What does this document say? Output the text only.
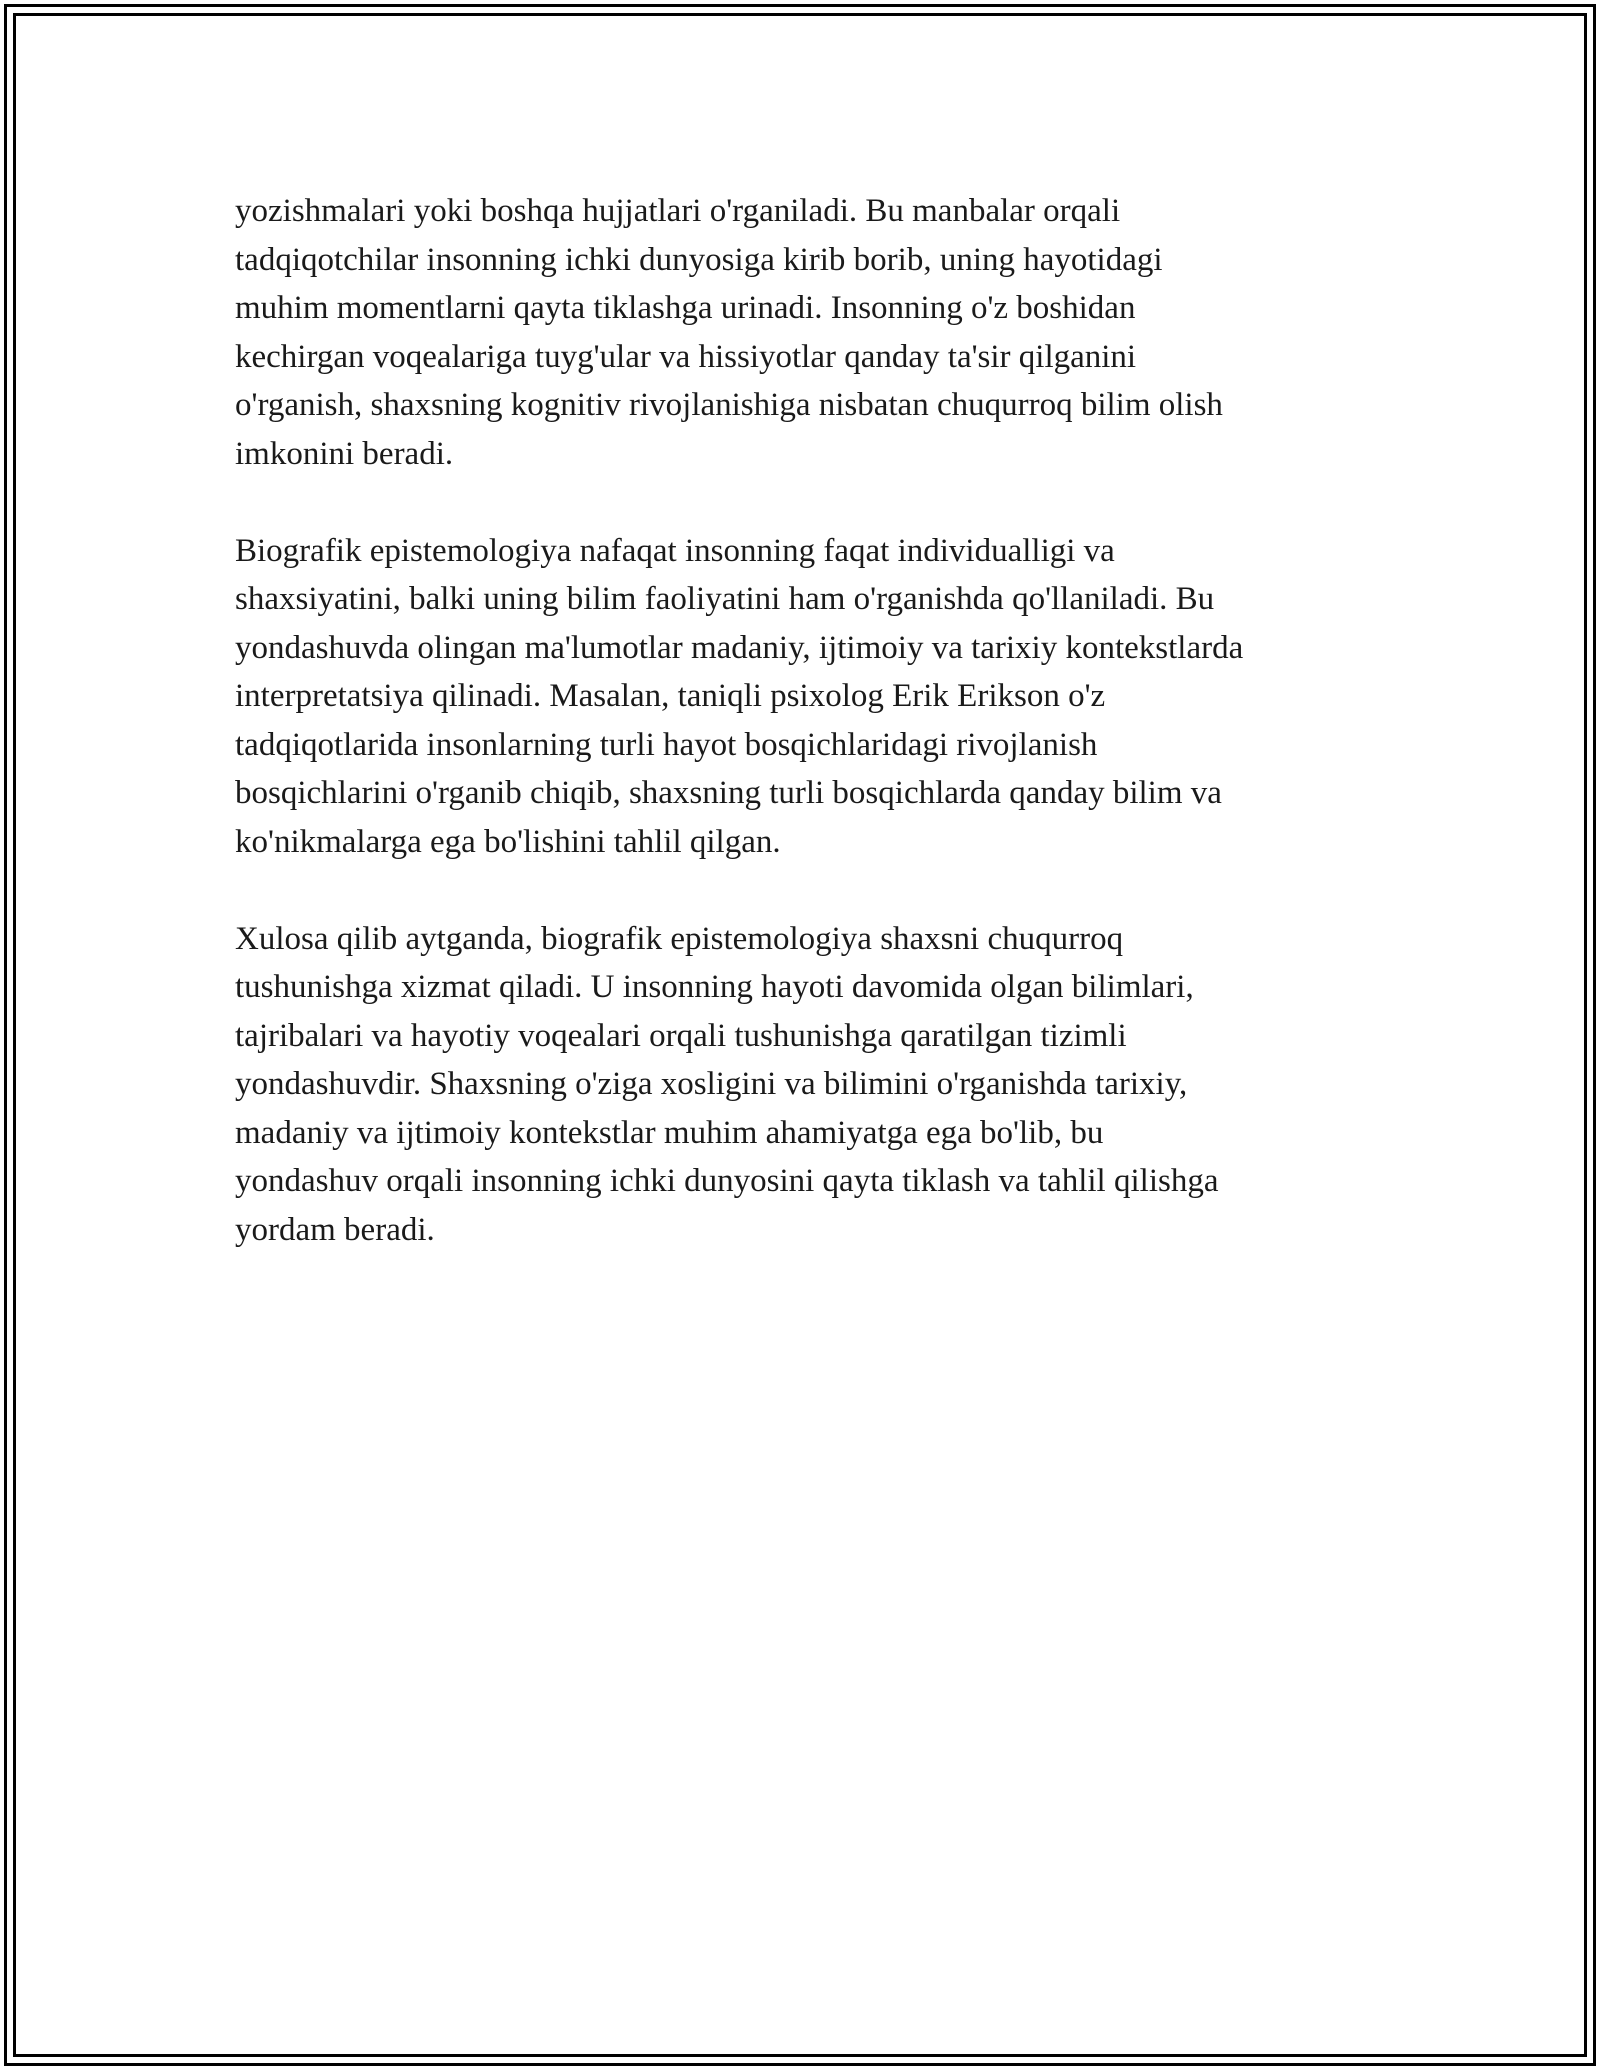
yozishmalari yoki boshqa hujjatlari o'rganiladi. Bu manbalar orqali
tadqiqotchilar insonning ichki dunyosiga kirib borib, uning hayotidagi
muhim momentlarni qayta tiklashga urinadi. Insonning o'z boshidan
kechirgan voqealariga tuyg'ular va hissiyotlar qanday ta'sir qilganini
o'rganish, shaxsning kognitiv rivojlanishiga nisbatan chuqurroq bilim olish
imkonini beradi.

Biografik epistemologiya nafaqat insonning faqat individualligi va
shaxsiyatini, balki uning bilim faoliyatini ham o'rganishda qo'llaniladi. Bu
yondashuvda olingan ma'lumotlar madaniy, ijtimoiy va tarixiy kontekstlarda
interpretatsiya qilinadi. Masalan, taniqli psixolog Erik Erikson o'z
tadqiqotlarida insonlarning turli hayot bosqichlaridagi rivojlanish
bosqichlarini o'rganib chiqib, shaxsning turli bosqichlarda qanday bilim va
ko'nikmalarga ega bo'lishini tahlil qilgan.

Xulosa qilib aytganda, biografik epistemologiya shaxsni chuqurroq
tushunishga xizmat qiladi. U insonning hayoti davomida olgan bilimlari,
tajribalari va hayotiy voqealari orqali tushunishga qaratilgan tizimli
yondashuvdir. Shaxsning o'ziga xosligini va bilimini o'rganishda tarixiy,
madaniy va ijtimoiy kontekstlar muhim ahamiyatga ega bo'lib, bu
yondashuv orqali insonning ichki dunyosini qayta tiklash va tahlil qilishga
yordam beradi.
